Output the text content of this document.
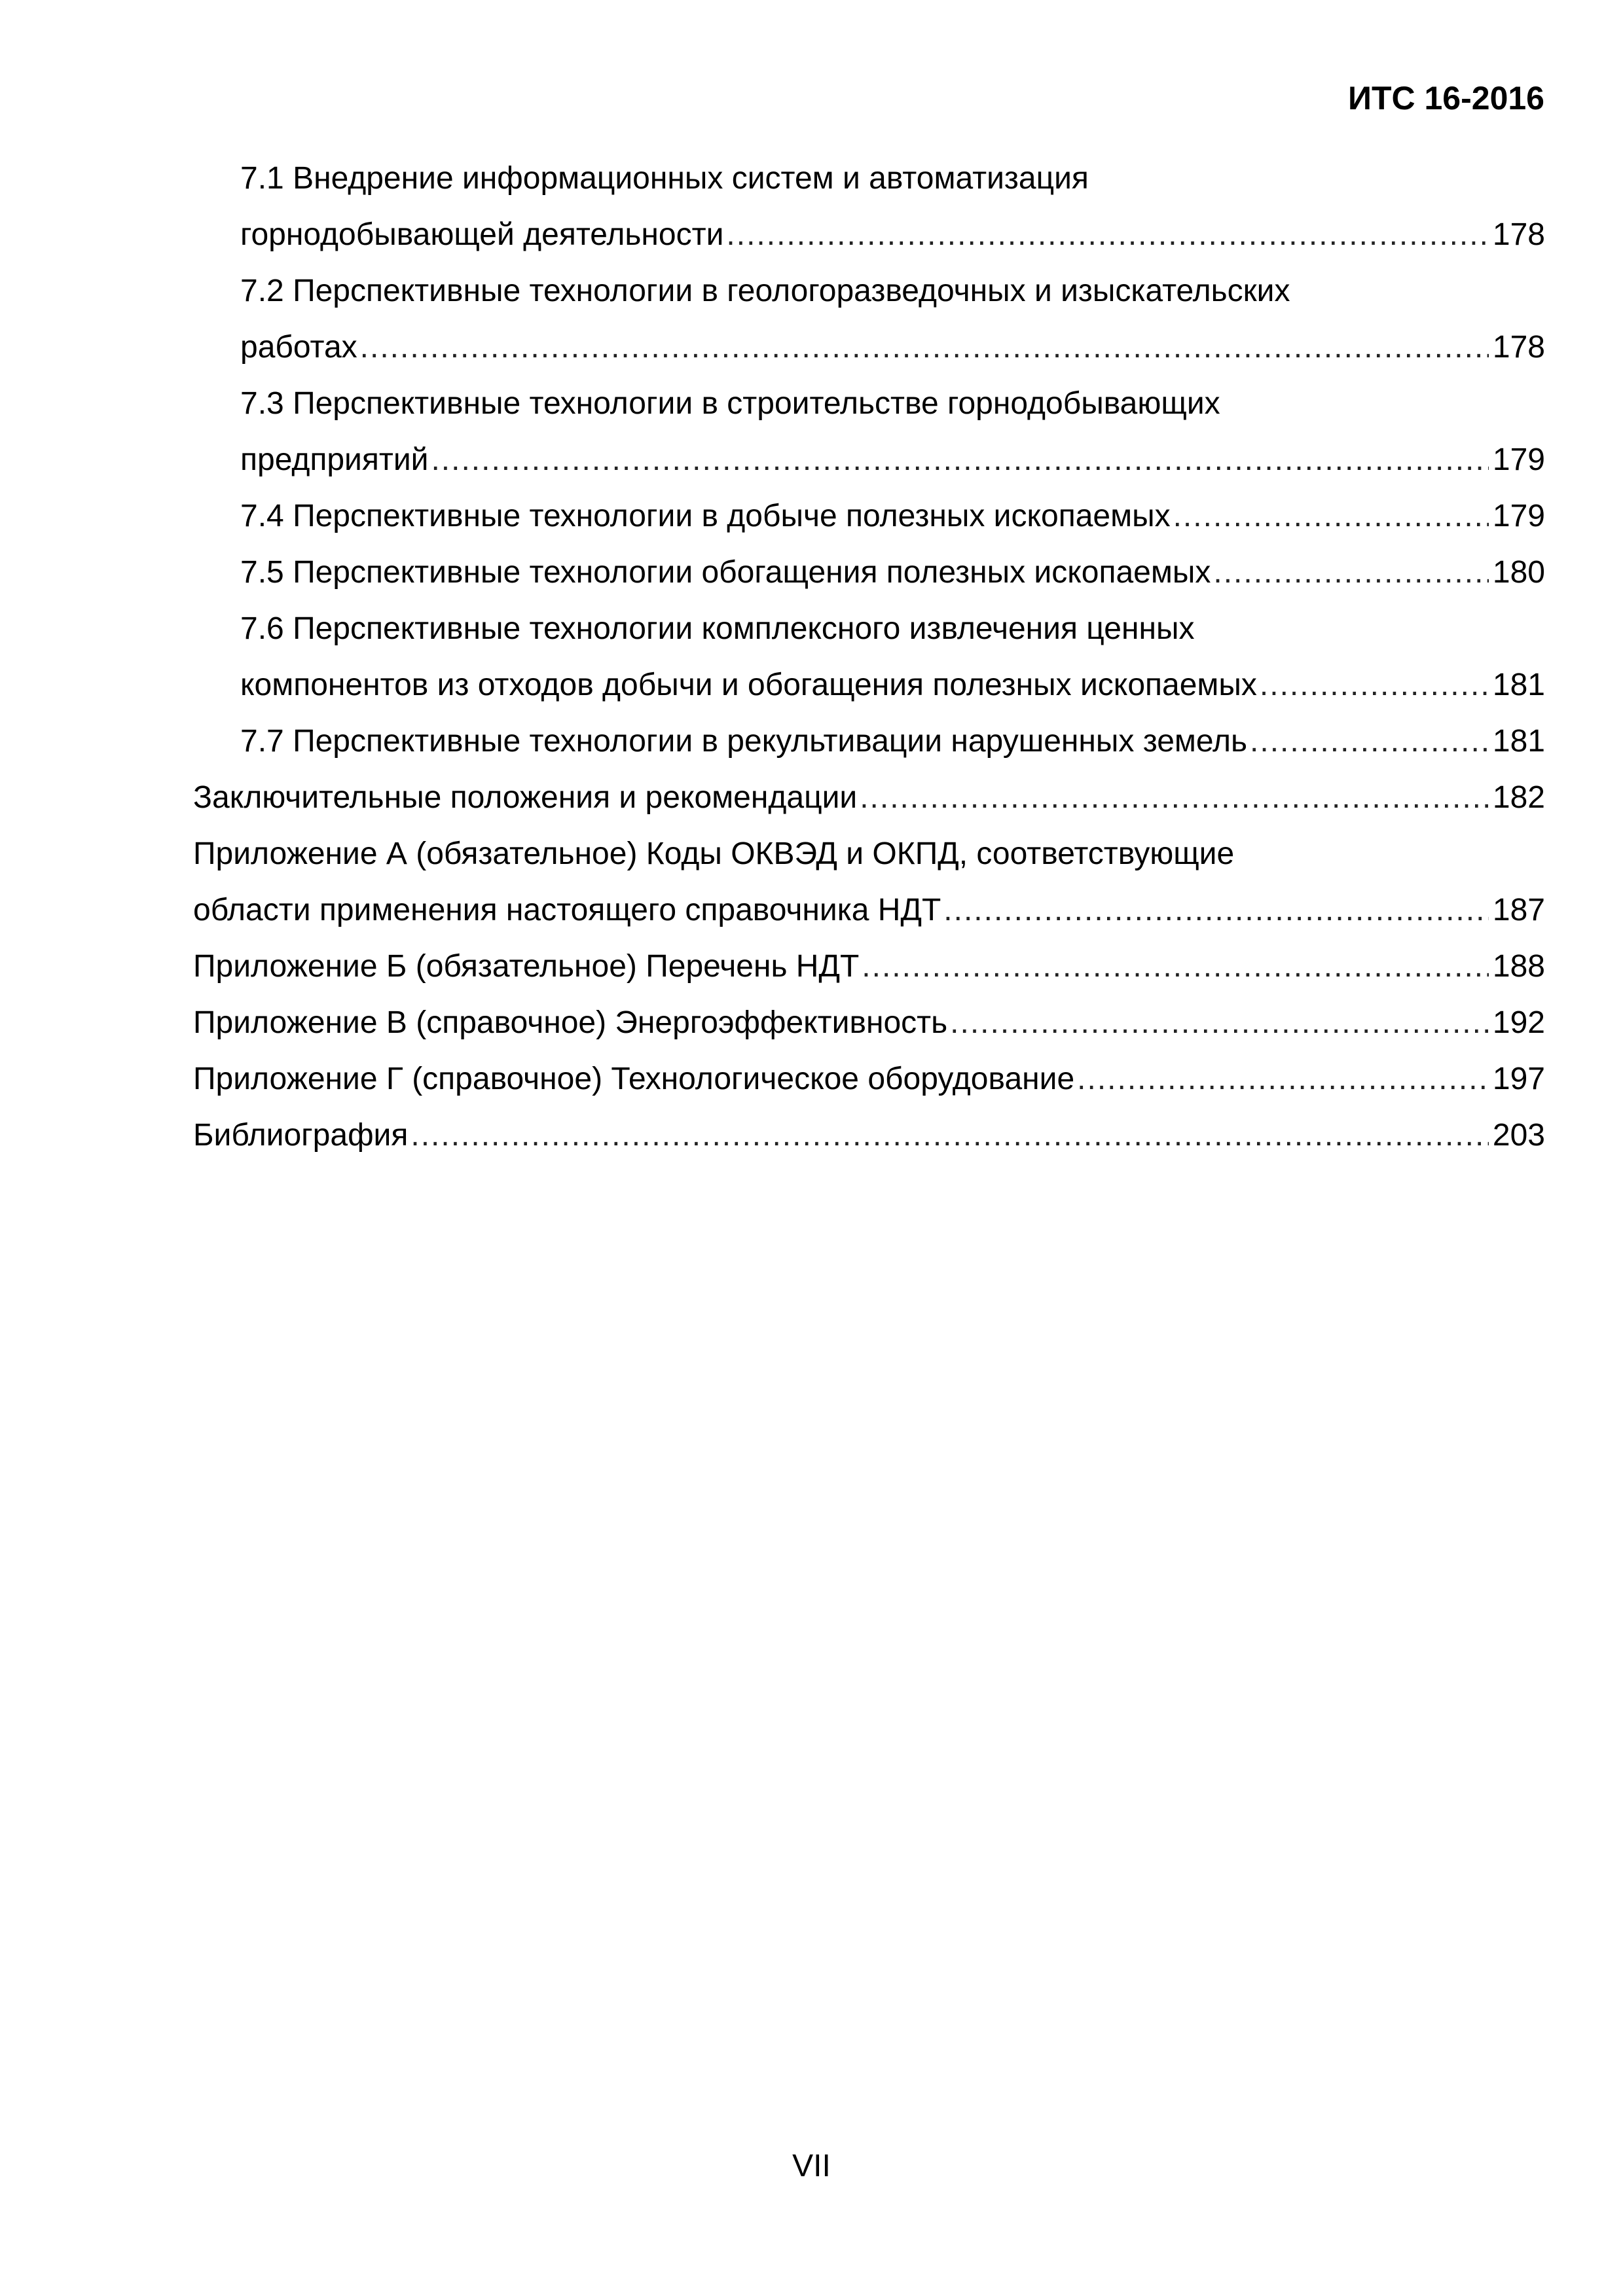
ИТС 16-2016

7.1 Внедрение информационных систем и автоматизация
горнодобывающей деятельности .....	178
7.2 Перспективные технологии в геологоразведочных и изыскательских
работах .....	178
7.3 Перспективные технологии в строительстве горнодобывающих
предприятий .....	179
7.4 Перспективные технологии в добыче полезных ископаемых .....	179
7.5 Перспективные технологии обогащения полезных ископаемых .....	180
7.6 Перспективные технологии комплексного извлечения ценных
компонентов из отходов добычи и обогащения полезных ископаемых .....	181
7.7 Перспективные технологии в рекультивации нарушенных земель .....	181
Заключительные положения и рекомендации .....	182
Приложение А (обязательное) Коды ОКВЭД и ОКПД, соответствующие
области применения настоящего справочника НДТ .....	187
Приложение Б (обязательное) Перечень НДТ .....	188
Приложение В (справочное) Энергоэффективность .....	192
Приложение Г (справочное) Технологическое оборудование .....	197
Библиография .....	203
VII
